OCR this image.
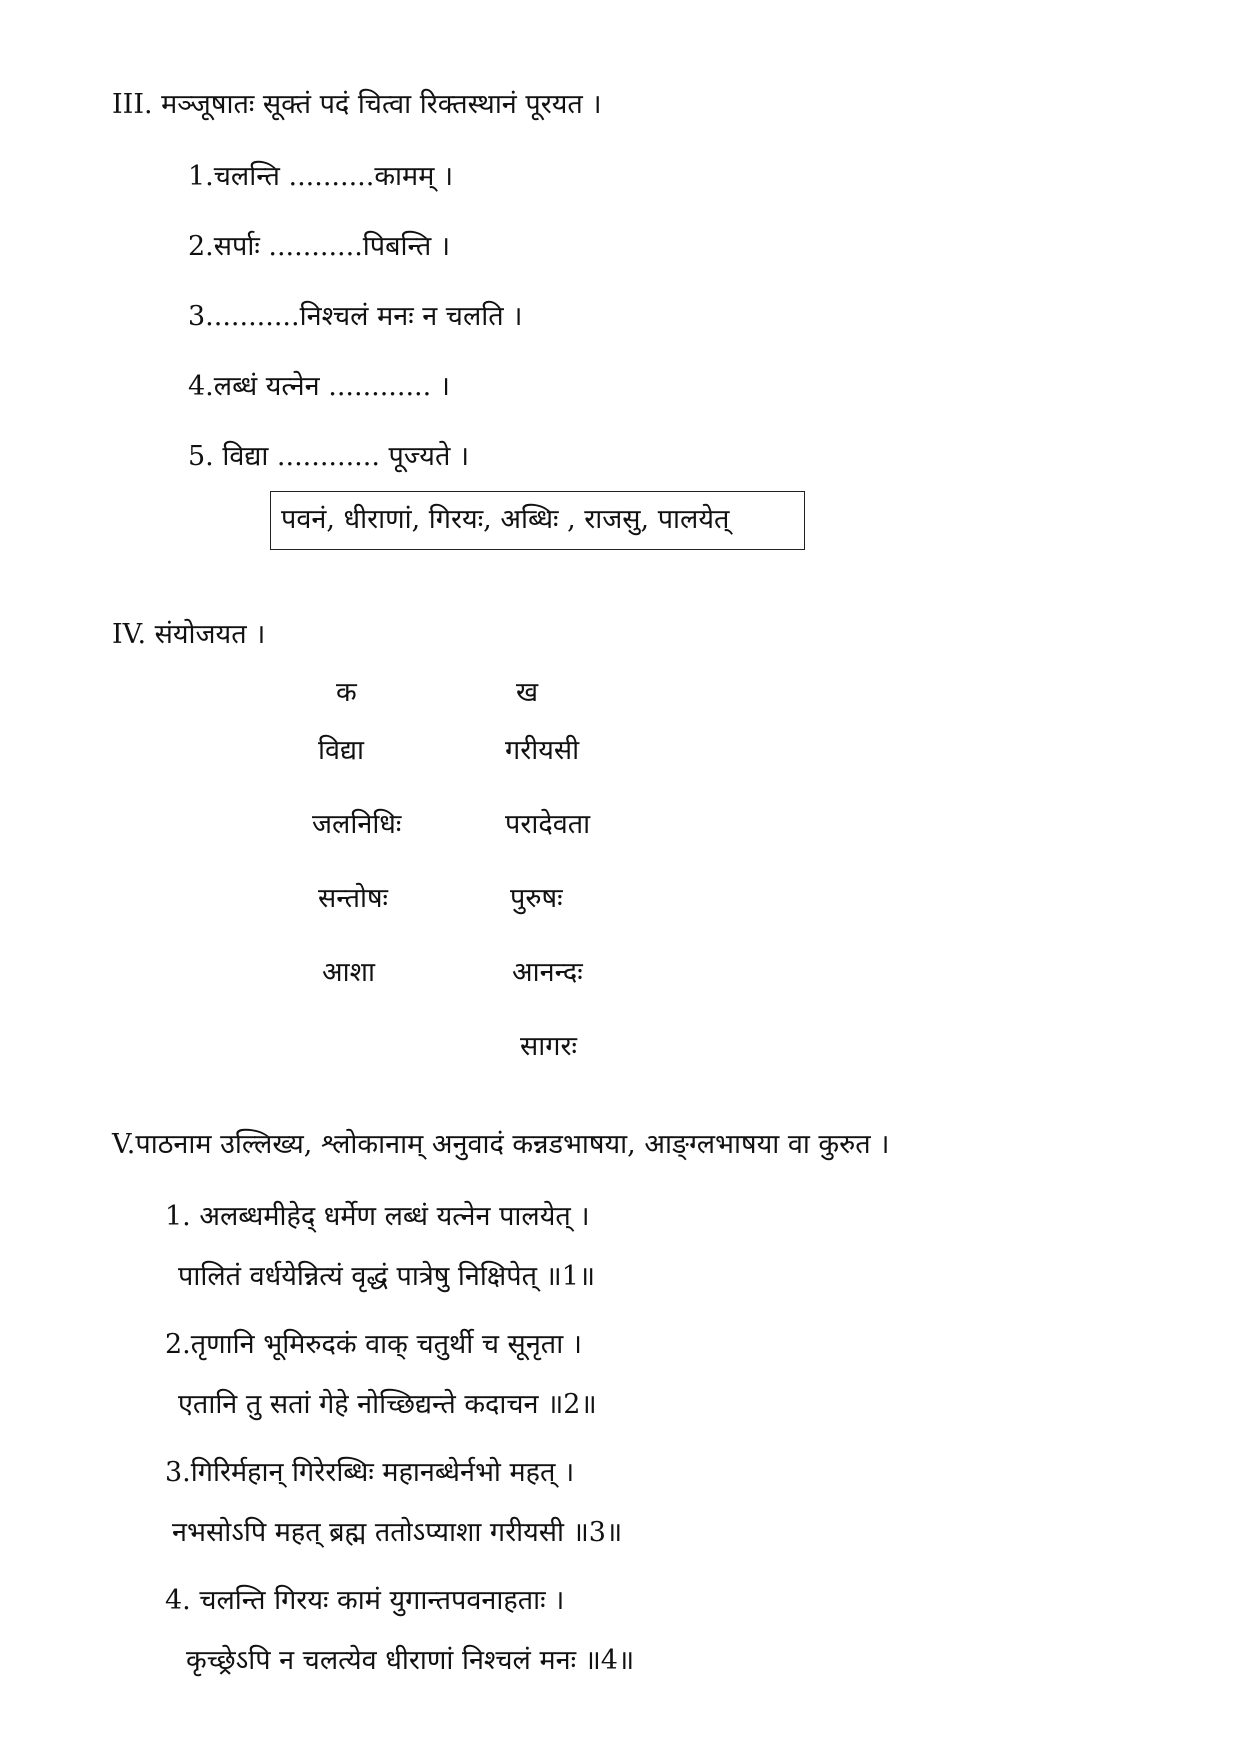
III. मञ्जूषातः सूक्तं पदं चित्वा रिक्तस्थानं पूरयत ।
1.चलन्ति ..........कामम् ।
2.सर्पाः ...........पिबन्ति ।
3...........निश्चलं मनः न चलति ।
4.लब्धं यत्नेन ............ ।
5. विद्या ............ पूज्यते ।
पवनं, धीराणां, गिरयः, अब्धिः , राजसु, पालयेत्
IV. संयोजयत ।
क	ख
विद्या
जलनिधिः
सन्तोषः
आशा
गरीयसी
परादेवता
पुरुषः
आनन्दः
सागरः
V.पाठनाम उल्लिख्य, श्लोकानाम् अनुवादं कन्नडभाषया, आङ्ग्लभाषया वा कुरुत ।
1. अलब्धमीहेद् धर्मेण लब्धं यत्नेन पालयेत् ।
पालितं वर्धयेन्नित्यं वृद्धं पात्रेषु निक्षिपेत् ॥1॥
2.तृणानि भूमिरुदकं वाक् चतुर्थी च सूनृता ।
एतानि तु सतां गेहे नोच्छिद्यन्ते कदाचन ॥2॥
3.गिरिर्महान् गिरेरब्धिः महानब्धेर्नभो महत् ।
नभसोऽपि महत् ब्रह्म ततोऽप्याशा गरीयसी ॥3॥
4. चलन्ति गिरयः कामं युगान्तपवनाहताः ।
कृच्छ्रेऽपि न चलत्येव धीराणां निश्चलं मनः ॥4॥
